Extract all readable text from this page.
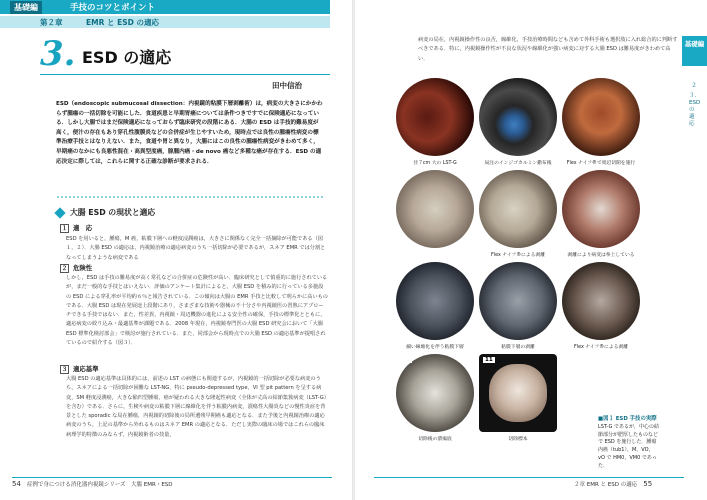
基礎編	手技のコツとポイント
第２章	EMR と ESD の適応
3. ESD の適応
田中信治
ESD（endoscopic submucosal dissection：内視鏡的粘膜下層剥離術）は，病変の大きさにかかわらず腫瘍の一括切除を可能にした．食道疾患と早期胃癌については条件つきですでに保険適応になっている．しかし大腸ではまだ保険適応になっておらず臨床研究の段階にある．大腸の ESD は手技的難易度が高く，便汁の存在もあり穿孔性腹膜炎などの合併症が生じやすいため，現時点では良性の腫瘍性病変の標準治療手技とはなりえない．また，食道や胃と異なり，大腸にはこの良性の腫瘍性病変がきわめて多く，早期癌のなかにも良悪性混在・高異型度癌，腺腫内癌・de novo 癌など多種な癌が存在する．ESD の適応決定に際しては，これらに関する正確な診断が要求される．
大腸 ESD の現状と適応
１ 適　応
ESD を用いると，腫瘍，M 癌，粘膜下層への軽度浸潤癌は，大きさに関係なく完全一括摘除が可能である（図１，２）．大腸 ESD の適応は，内視鏡治療の適応病変のうち一括切除が必要であるが，スネア EMR では分割となってしまうような病変である
２ 危険性
しかし，ESD は手技の難易度が高く常孔などの合併症の危険性が高い．臨床研究として慎重的に施行されているが，まだ一般的な手技とはいえない．評価のアンケート集計によると，大腸 ESD を積み的に行っている多施設の ESD による穿孔率が平均約６％と報告されている．この傾向は大腸の EMR 手技と比較して明らかに高いものである．大腸 ESD は現在発展途上段階にあり，さまざまな技術や器械の不十分さや内視鏡医の習熟にアプローチできる手技ではない．また，性差異，内視鏡・周辺機器の進化による安全性の確保，手技の標準化とともに，適応病変の絞り込み・最適基準が課題である．2008 年現在，内視鏡専門医の大腸 ESD 研究会において「大腸 ESD 標準化検討部会」で検討が施行されている．また，同部会から現時点での大腸 ESD の適応基準が提唱されているので紹介する（図３）．
３ 適応基準
大腸 ESD の適応基準は具体的には，前述の LST の病態にも関連するが，内視鏡的一括切除が必要な病変のうち，スネアによる一括切除が困難な LST-NG，特に pseudo-depressed type，VI 型 pit pattern を呈する病変，SM 軽度浸潤癌，大きな陥凹型腫瘍，癌が疑われる大きな隆起性病変（全体が丈高の結節集簇病変（LST-G）を含む）である．さらに，生検や病変の粘膜下層に線維化を伴う粘膜内病変，潰瘍性大腸炎などの慢性炎症を背景とした sporadic な局在腫瘍，内視鏡的切除後の局所遺残早期癌も適応となる．また予後と内視鏡治療の適応病変のうち，上記の基準から外れるものはスネア EMR の適応となる．ただし実際の臨床の場ではこれらの臨床病理学的特徴のみならず，内視鏡術者の技量，
54 症例で身につける消化器内視鏡シリーズ　大腸 EMR・ESD
病変の局在，内視鏡操作性の良否，線維化，手技治療時間なども含めて外科手術も選択肢に入れ総合的に判断すべきである．特に，内視鏡操作性が不良な状況や線維化が強い病変に対する大腸 ESD は難易度がきわめて高い．
基礎編
２
３．ESDの適応
1
径７cm 大の LST-G
2
局注のインジゴカルミン撒布後
3
Flex ナイフ®で周辺切開を施行
4	5
Flex ナイフ®による剥離
6
剥離により病変は拳上している
7
細い線維化を伴う粘膜下層
8
粘膜下層の剥離
9
Flex ナイフ®による剥離
10
切除後の潰瘍底
11
切除標本
■図１ ESD 手技の実際
LST-G であるが，中心の結節部分が肥厚したものなどで ESD を施行した．腫瘍内癌（tub1），M，VO，vO で HM0，VM0 であった．
２章 EMR と ESD の適応 55
